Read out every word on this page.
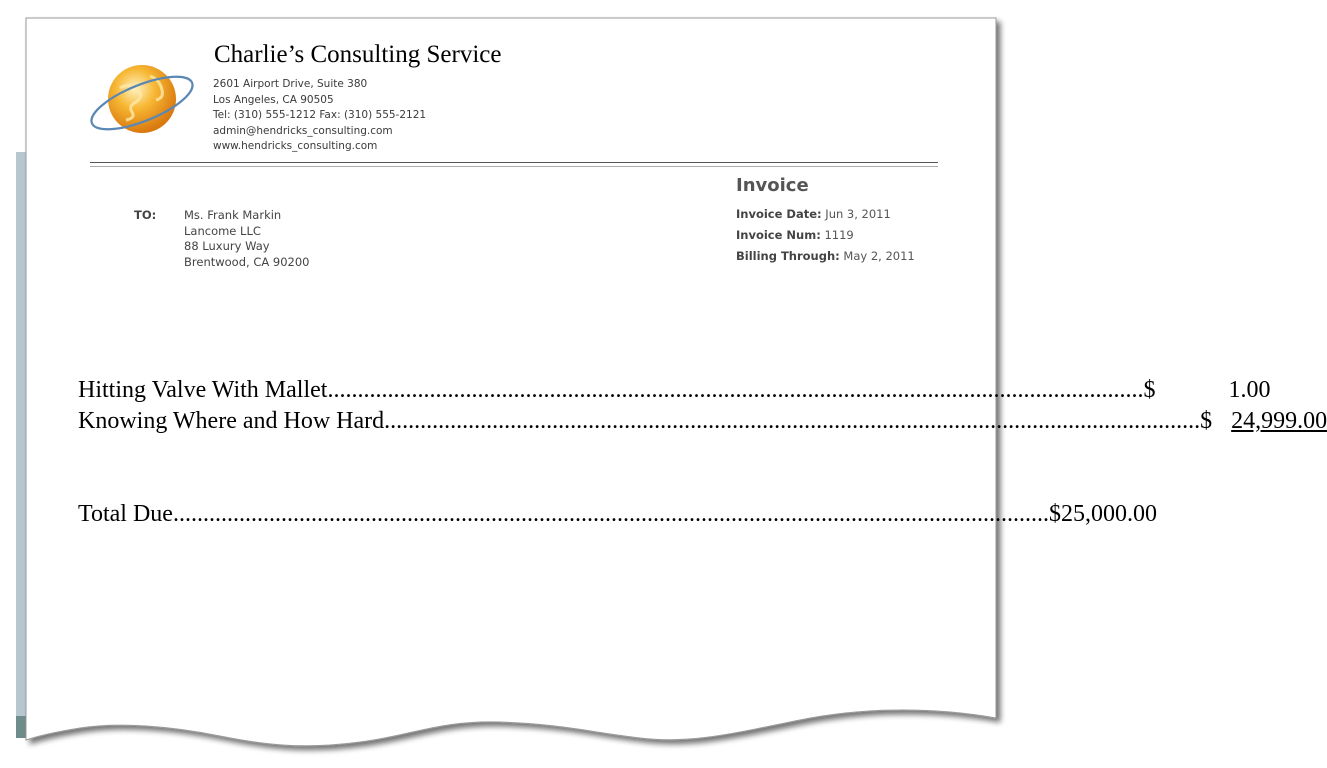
Charlie’s Consulting Service
2601 Airport Drive, Suite 380
Los Angeles, CA 90505
Tel: (310) 555-1212 Fax: (310) 555-2121
admin@hendricks_consulting.com
www.hendricks_consulting.com
TO: Ms. Frank Markin
Lancome LLC
88 Luxury Way
Brentwood, CA 90200
Invoice
Invoice Date: Jun 3, 2011
Invoice Num: 1119
Billing Through: May 2, 2011
Hitting Valve With Mallet ........................................................................................................................................ $	1.00
Knowing Where and How Hard ........................................................................................................................................ $ 24,999.00
Total Due .................................................................................................................................................. $25,000.00
